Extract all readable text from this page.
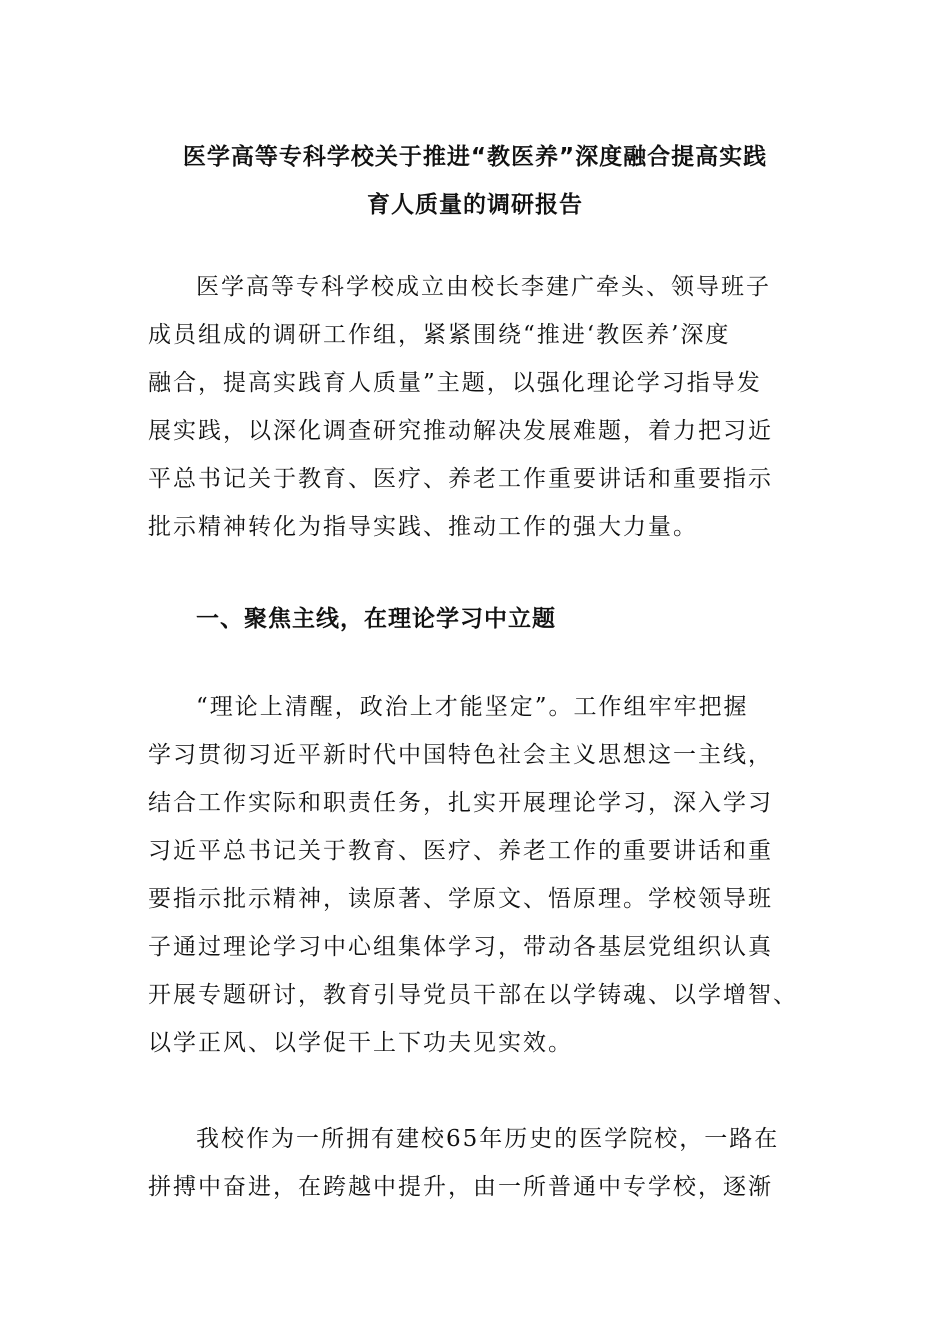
医学高等专科学校关于推进“教医养”深度融合提高实践
育人质量的调研报告
医学高等专科学校成立由校长李建广牵头、领导班子
成员组成的调研工作组，紧紧围绕“推进‘教医养’深度
融合，提高实践育人质量”主题，以强化理论学习指导发
展实践，以深化调查研究推动解决发展难题，着力把习近
平总书记关于教育、医疗、养老工作重要讲话和重要指示
批示精神转化为指导实践、推动工作的强大力量。
一、聚焦主线，在理论学习中立题
“理论上清醒，政治上才能坚定”。工作组牢牢把握
学习贯彻习近平新时代中国特色社会主义思想这一主线，
结合工作实际和职责任务，扎实开展理论学习，深入学习
习近平总书记关于教育、医疗、养老工作的重要讲话和重
要指示批示精神，读原著、学原文、悟原理。学校领导班
子通过理论学习中心组集体学习，带动各基层党组织认真
开展专题研讨，教育引导党员干部在以学铸魂、以学增智、
以学正风、以学促干上下功夫见实效。
我校作为一所拥有建校65年历史的医学院校，一路在
拼搏中奋进，在跨越中提升，由一所普通中专学校，逐渐
